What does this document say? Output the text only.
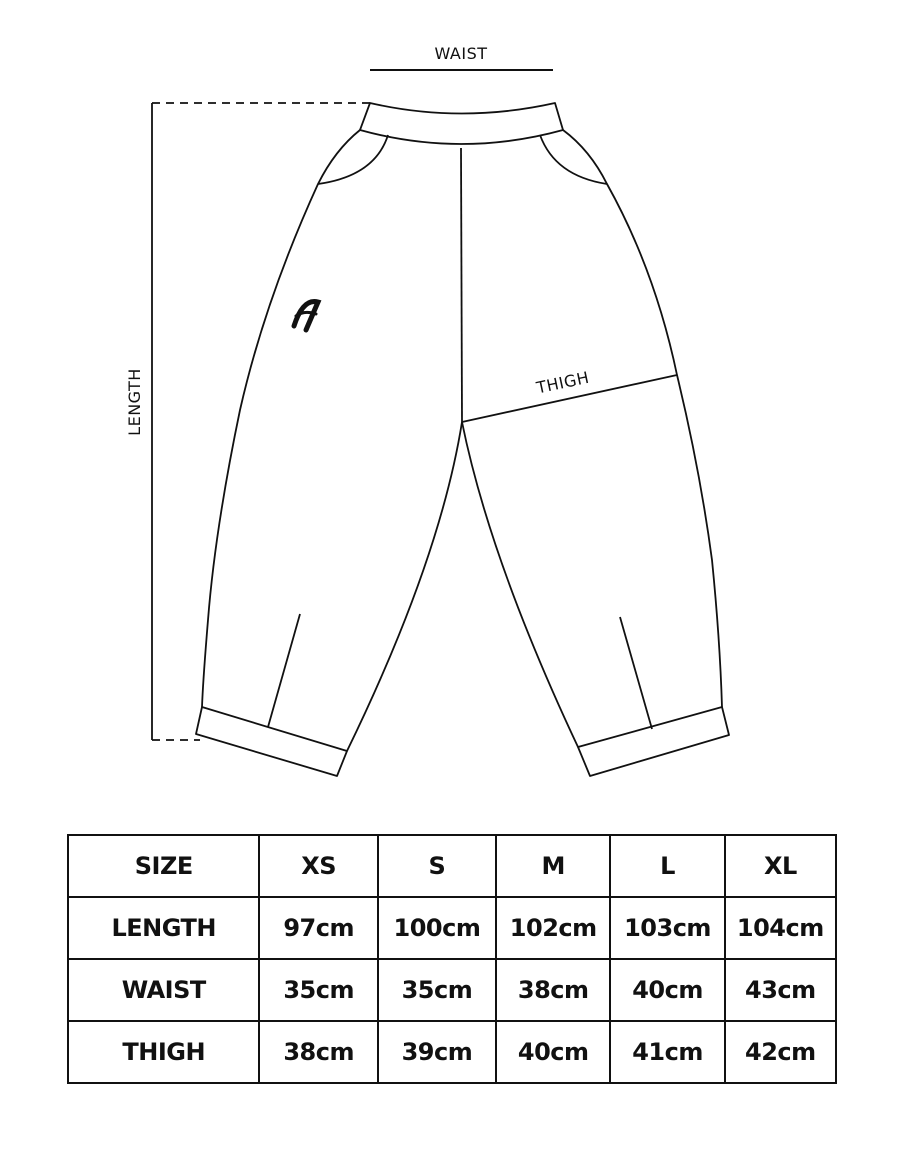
WAIST
LENGTH	THIGH
SIZE	XS	S	M	L	XL
LENGTH	97cm	100cm	102cm	103cm	104cm
WAIST	35cm	35cm	38cm	40cm	43cm
THIGH	38cm	39cm	40cm	41cm	42cm
